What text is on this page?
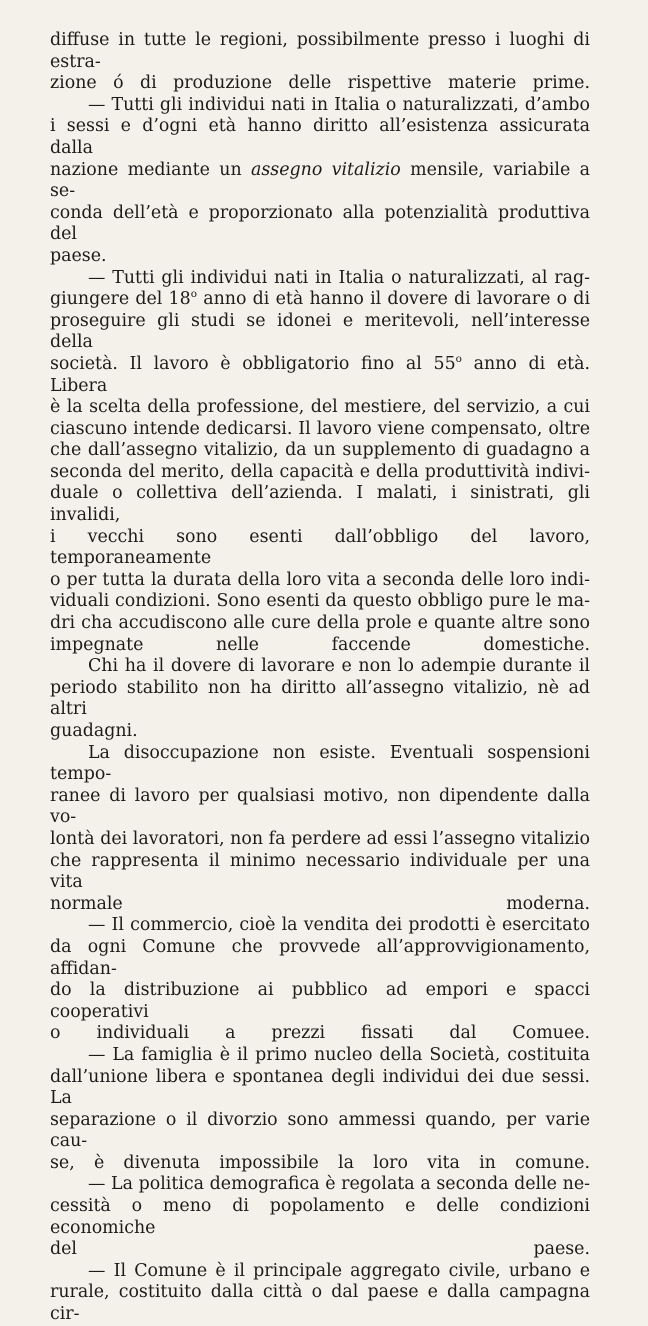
diffuse in tutte le regioni, possibilmente presso i luoghi di estra-
zione ó di produzione delle rispettive materie prime.

— Tutti gli individui nati in Italia o naturalizzati, d’ambo
i sessi e d’ogni età hanno diritto all’esistenza assicurata dalla
nazione mediante un assegno vitalizio mensile, variabile a se-
conda dell’età e proporzionato alla potenzialità produttiva del
paese.

— Tutti gli individui nati in Italia o naturalizzati, al rag-
giungere del 18$^o$ anno di età hanno il dovere di lavorare o di
proseguire gli studi se idonei e meritevoli, nell’interesse della
società. Il lavoro è obbligatorio fino al 55$^o$ anno di età. Libera
è la scelta della professione, del mestiere, del servizio, a cui
ciascuno intende dedicarsi. Il lavoro viene compensato, oltre
che dall’assegno vitalizio, da un supplemento di guadagno a
seconda del merito, della capacità e della produttività indivi-
duale o collettiva dell’azienda. I malati, i sinistrati, gli invalidi,
i vecchi sono esenti dall’obbligo del lavoro, temporaneamente
o per tutta la durata della loro vita a seconda delle loro indi-
viduali condizioni. Sono esenti da questo obbligo pure le ma-
dri cha accudiscono alle cure della prole e quante altre sono
impegnate nelle faccende domestiche.

Chi ha il dovere di lavorare e non lo adempie durante il
periodo stabilito non ha diritto all’assegno vitalizio, nè ad altri
guadagni.

La disoccupazione non esiste. Eventuali sospensioni tempo-
ranee di lavoro per qualsiasi motivo, non dipendente dalla vo-
lontà dei lavoratori, non fa perdere ad essi l’assegno vitalizio
che rappresenta il minimo necessario individuale per una vita
normale moderna.

— Il commercio, cioè la vendita dei prodotti è esercitato
da ogni Comune che provvede all’approvvigionamento, affidan-
do la distribuzione ai pubblico ad empori e spacci cooperativi
o individuali a prezzi fissati dal Comuee.

— La famiglia è il primo nucleo della Società, costituita
dall’unione libera e spontanea degli individui dei due sessi. La
separazione o il divorzio sono ammessi quando, per varie cau-
se, è divenuta impossibile la loro vita in comune.

— La politica demografica è regolata a seconda delle ne-
cessità o meno di popolamento e delle condizioni economiche
del paese.

— Il Comune è il principale aggregato civile, urbano e
rurale, costituito dalla città o dal paese e dalla campagna cir-
